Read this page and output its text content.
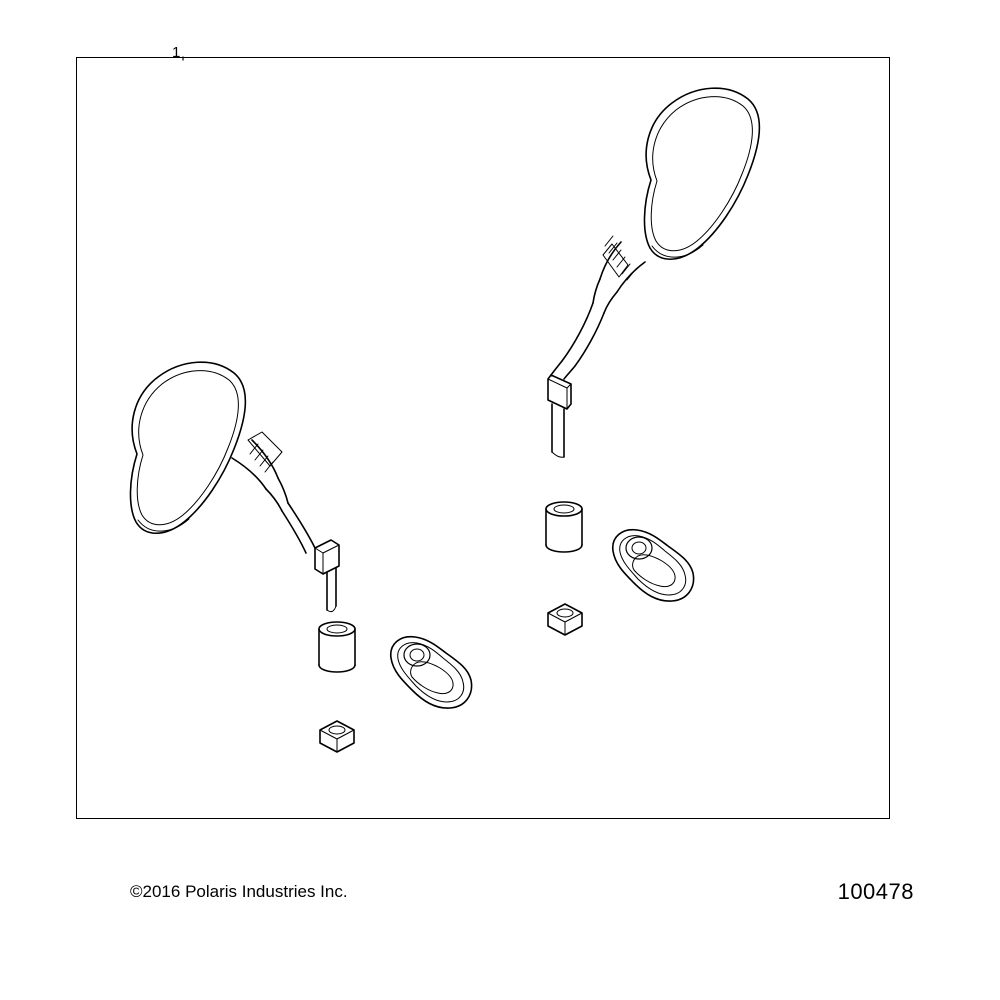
1
©2016 Polaris Industries Inc.	100478
